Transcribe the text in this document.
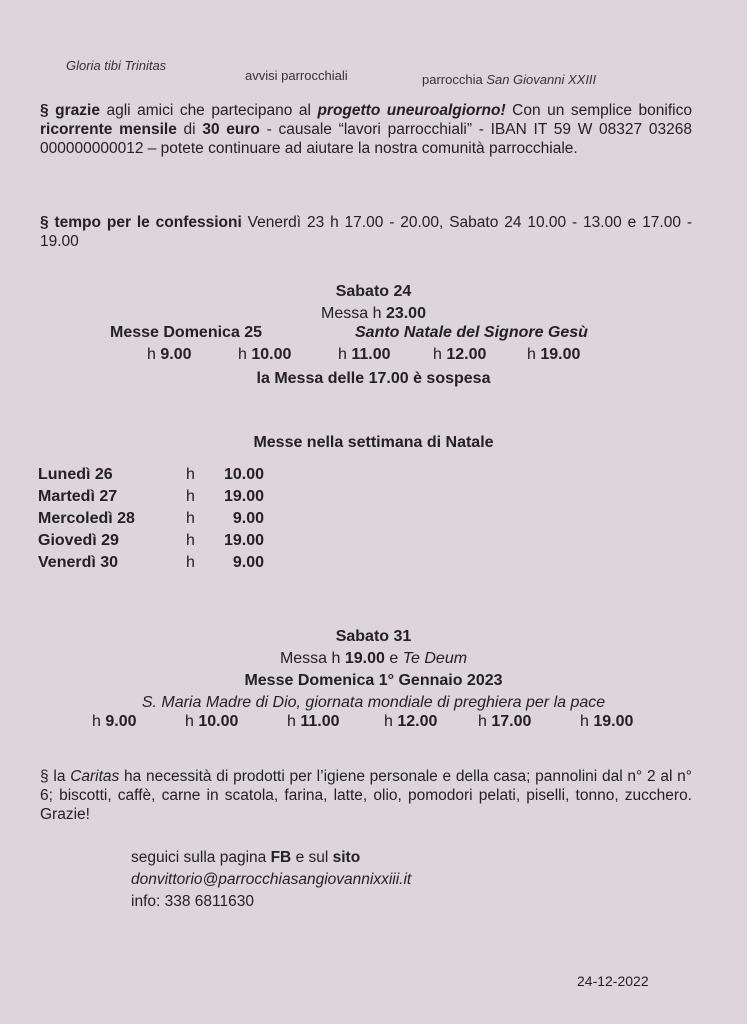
Gloria tibi Trinitas
avvisi parrocchiali	parrocchia San Giovanni XXIII
§ grazie agli amici che partecipano al progetto uneuroalgiorno! Con un semplice bonifico ricorrente mensile di 30 euro - causale “lavori parrocchiali” - IBAN IT 59 W 08327 03268 000000000012 – potete continuare ad aiutare la nostra comunità parrocchiale.
§ tempo per le confessioni Venerdì 23 h 17.00 - 20.00, Sabato 24 10.00 - 13.00 e 17.00 - 19.00
Sabato 24
Messa h 23.00
Messe Domenica 25	Santo Natale del Signore Gesù
h 9.00	h 10.00	h 11.00	h 12.00	h 19.00
la Messa delle 17.00 è sospesa
Messe nella settimana di Natale
Lunedì 26	h	10.00
Martedì 27	h	19.00
Mercoledì 28	h	9.00
Giovedì 29	h	19.00
Venerdì 30	h	9.00
Sabato 31
Messa h 19.00 e Te Deum
Messe Domenica 1° Gennaio 2023
S. Maria Madre di Dio, giornata mondiale di preghiera per la pace
h 9.00	h 10.00	h 11.00	h 12.00	h 17.00	h 19.00
§ la Caritas ha necessità di prodotti per l’igiene personale e della casa; pannolini dal n° 2 al n° 6; biscotti, caffè, carne in scatola, farina, latte, olio, pomodori pelati, piselli, tonno, zucchero. Grazie!
seguici sulla pagina FB e sul sito
donvittorio@parrocchiasangiovannixxiii.it
info: 338 6811630
24-12-2022
